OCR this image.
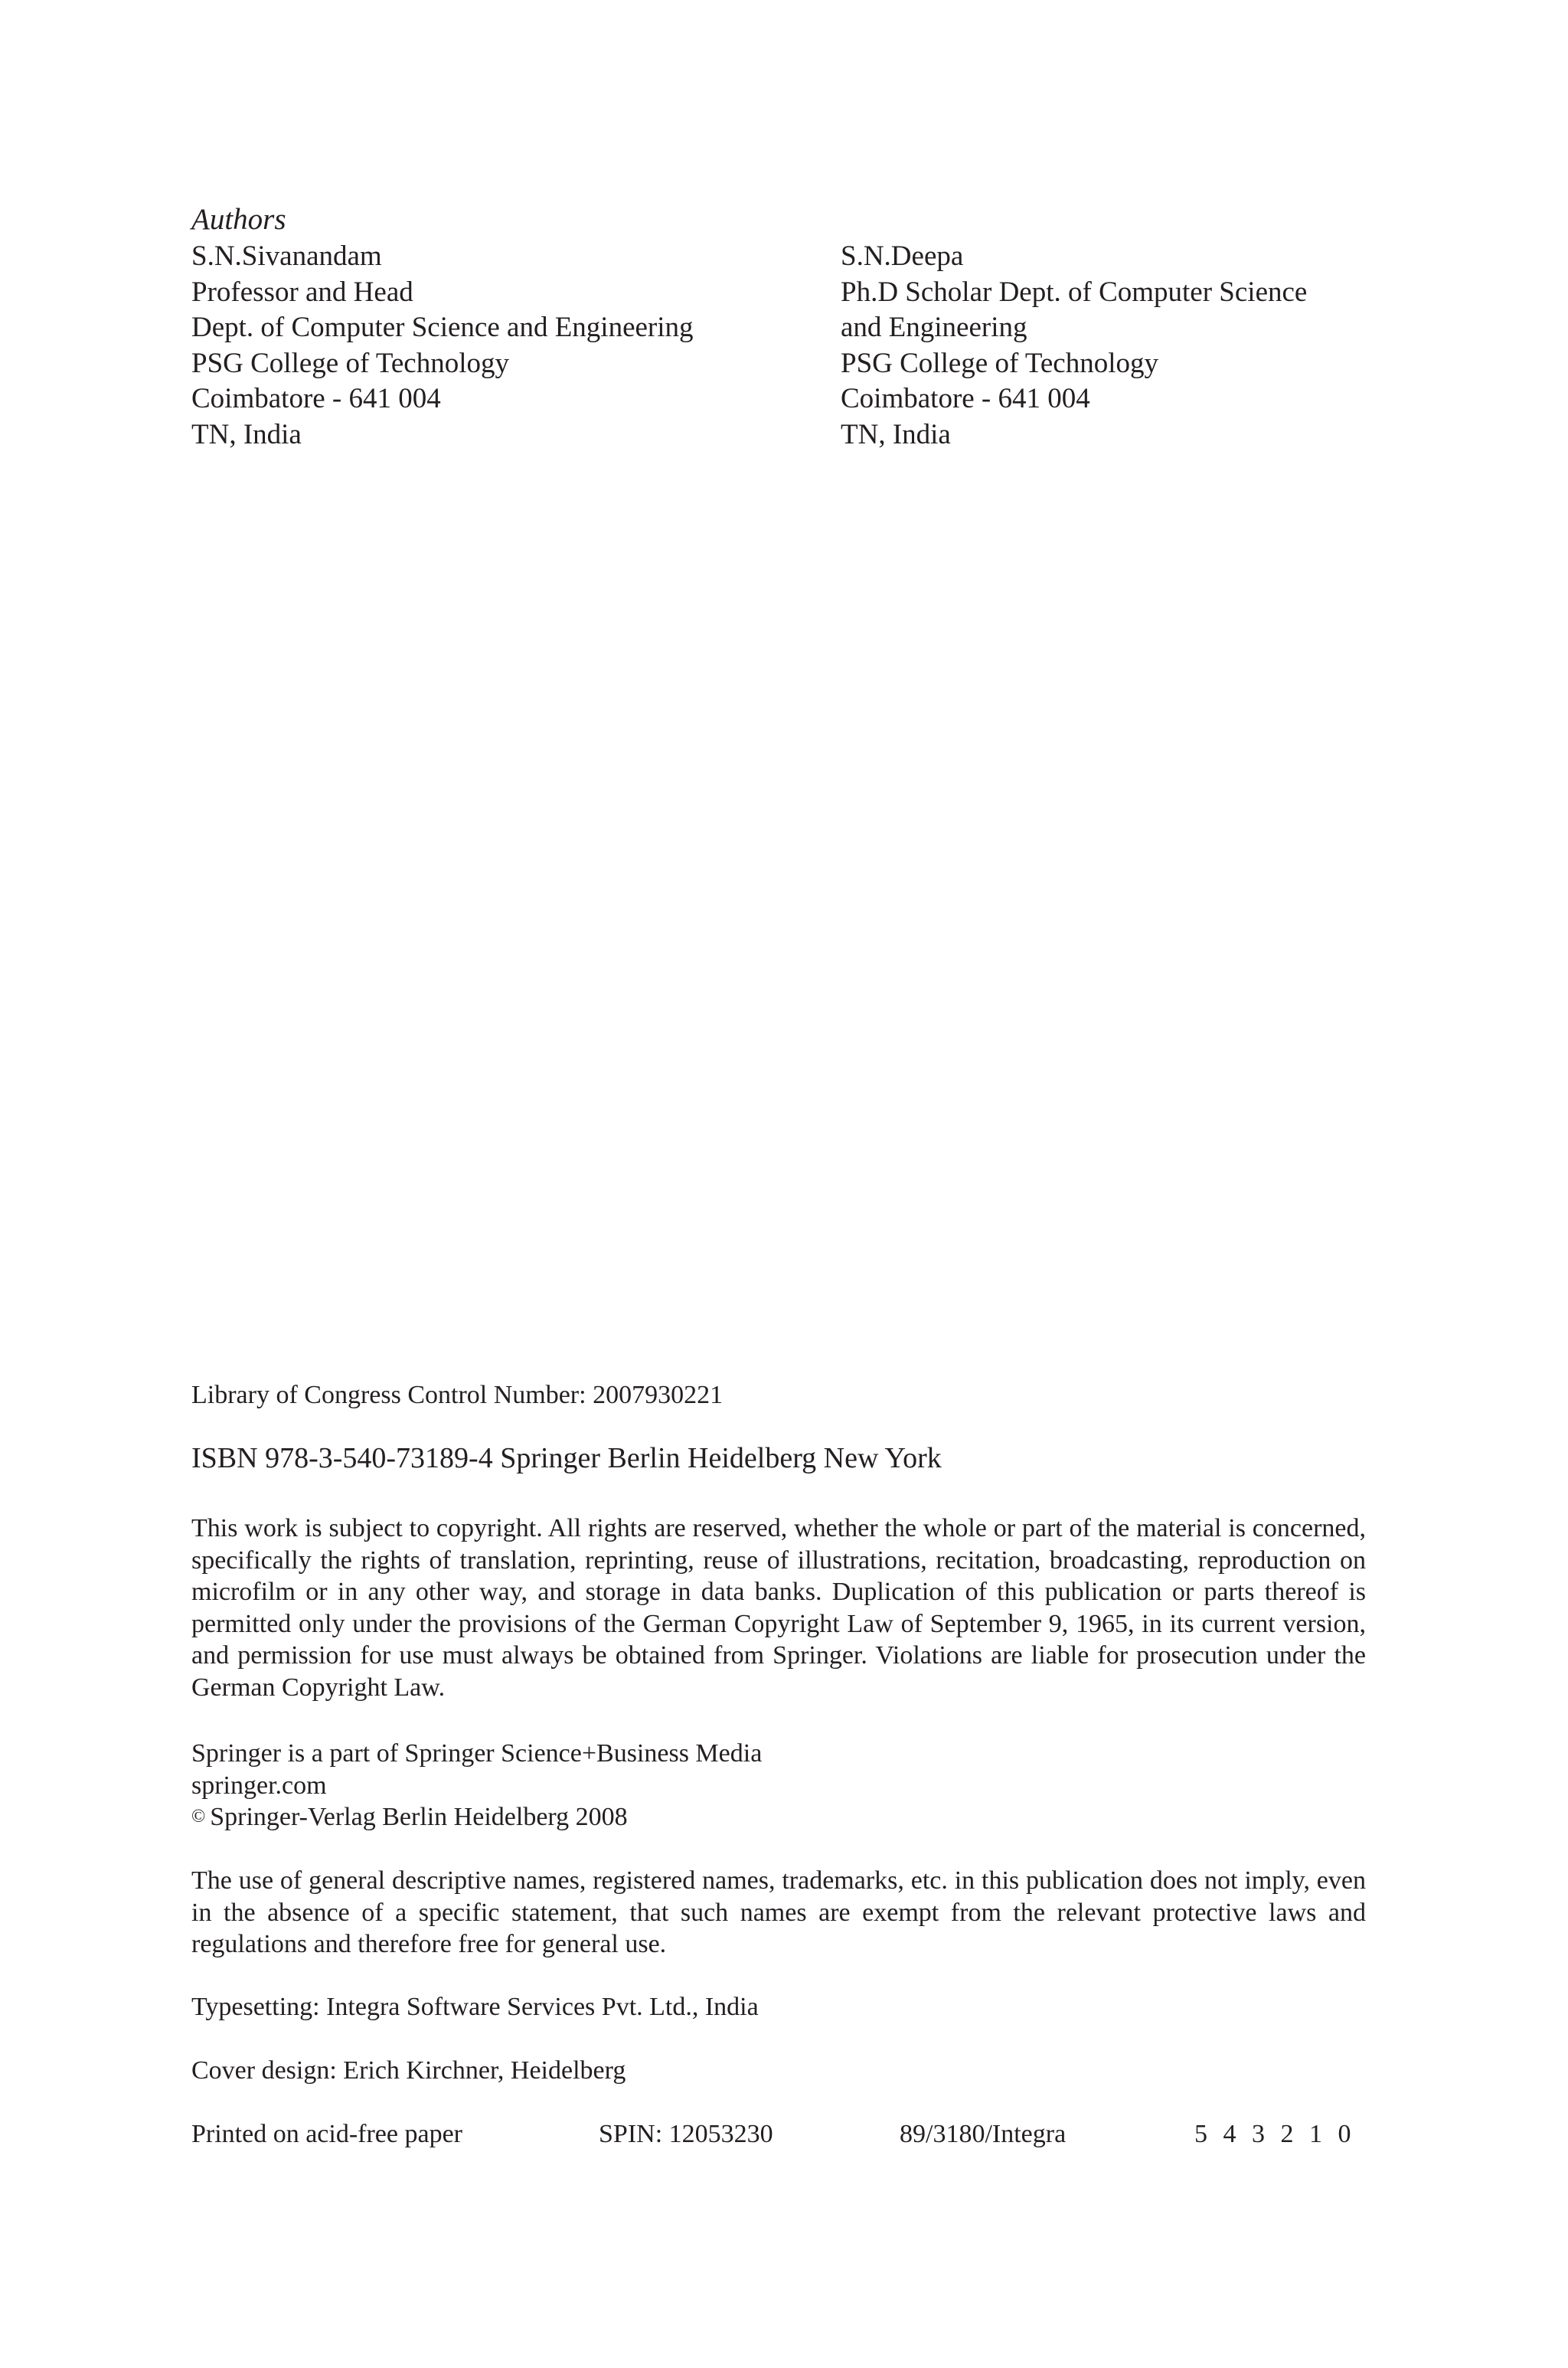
Authors
S.N.Sivanandam
Professor and Head
Dept. of Computer Science and Engineering
PSG College of Technology
Coimbatore - 641 004
TN, India
S.N.Deepa
Ph.D Scholar Dept. of Computer Science
and Engineering
PSG College of Technology
Coimbatore - 641 004
TN, India
Library of Congress Control Number: 2007930221
ISBN 978-3-540-73189-4 Springer Berlin Heidelberg New York
This work is subject to copyright. All rights are reserved, whether the whole or part of the material is concerned, specifically the rights of translation, reprinting, reuse of illustrations, recitation, broadcasting, reproduction on microfilm or in any other way, and storage in data banks. Duplication of this publication or parts thereof is permitted only under the provisions of the German Copyright Law of September 9, 1965, in its current version, and permission for use must always be obtained from Springer. Violations are liable for prosecution under the German Copyright Law.
Springer is a part of Springer Science+Business Media
springer.com
© Springer-Verlag Berlin Heidelberg 2008
The use of general descriptive names, registered names, trademarks, etc. in this publication does not imply, even in the absence of a specific statement, that such names are exempt from the relevant protective laws and regulations and therefore free for general use.
Typesetting: Integra Software Services Pvt. Ltd., India
Cover design: Erich Kirchner, Heidelberg
Printed on acid-free paper	SPIN: 12053230	89/3180/Integra	5 4 3 2 1 0
